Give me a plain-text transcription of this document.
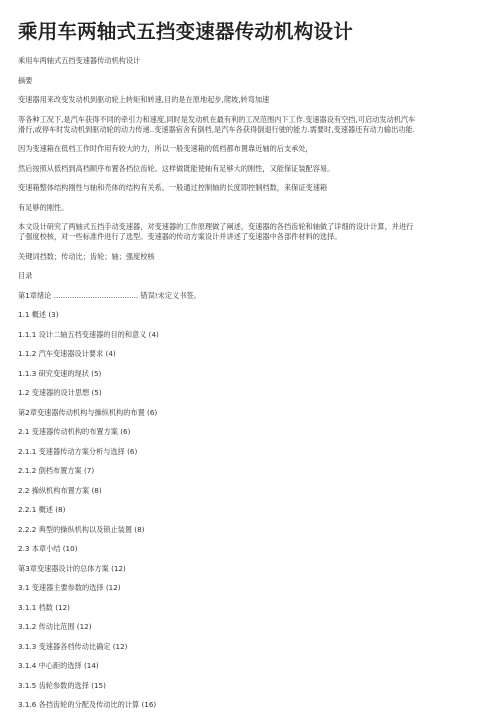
乘用车两轴式五挡变速器传动机构设计
乘用车两轴式五挡变速器传动机构设计
摘要
变速器用来改变发动机到驱动轮上转矩和转速,目的是在原地起步,爬坡,转弯加速
等各种工况下,是汽车获得不同的牵引力和速度,同时是发动机在最有利的工况范围内下工作.变速器设有空挡,可启动发动机汽车
滑行,或停车时发动机到驱动轮的动力传递..变速器宿舍有倒档,是汽车各获得倒退行驶的能力.需要时,变速器还有动力输出功能.
因为变速箱在低档工作时作用有较大的力，所以一般变速箱的低档都布置靠近轴的后支承处，
然后按照从低档到高档顺序布置各档位齿轮。这样做既能使轴有足够大的刚性，又能保证装配容易。
变速箱整体结构刚性与轴和壳体的结构有关系。一般通过控制轴的长度即控制档数，来保证变速箱
有足够的刚性。
本文设计研究了两轴式五挡手动变速器，对变速器的工作原理做了阐述，变速器的各挡齿轮和轴做了详细的设计计算，并进行
了强度校核，对一些标准件进行了选型。变速器的传动方案设计并讲述了变速器中各部件材料的选择。
关键词挡数；传动比；齿轮；轴；强度校核
目录
第1章绪论 ..................................... 错误!未定义书签。
1.1 概述 (3)
1.1.1 设计二轴五档变速器的目的和意义 (4)
1.1.2 汽车变速器设计要求 (4)
1.1.3 研究变速的现状 (5)
1.2 变速器的设计思想 (5)
第2章变速器传动机构与操纵机构的布置 (6)
2.1 变速器传动机构的布置方案 (6)
2.1.1 变速器传动方案分析与选择 (6)
2.1.2 倒档布置方案 (7)
2.2 操纵机构布置方案 (8)
2.2.1 概述 (8)
2.2.2 典型的操纵机构以及锁止装置 (8)
2.3 本章小结 (10)
第3章变速器设计的总体方案 (12)
3.1 变速器主要参数的选择 (12)
3.1.1 档数 (12)
3.1.2 传动比范围 (12)
3.1.3 变速器各档传动比确定 (12)
3.1.4 中心距的选择 (14)
3.1.5 齿轮参数的选择 (15)
3.1.6 各挡齿轮的分配及传动比的计算 (16)
